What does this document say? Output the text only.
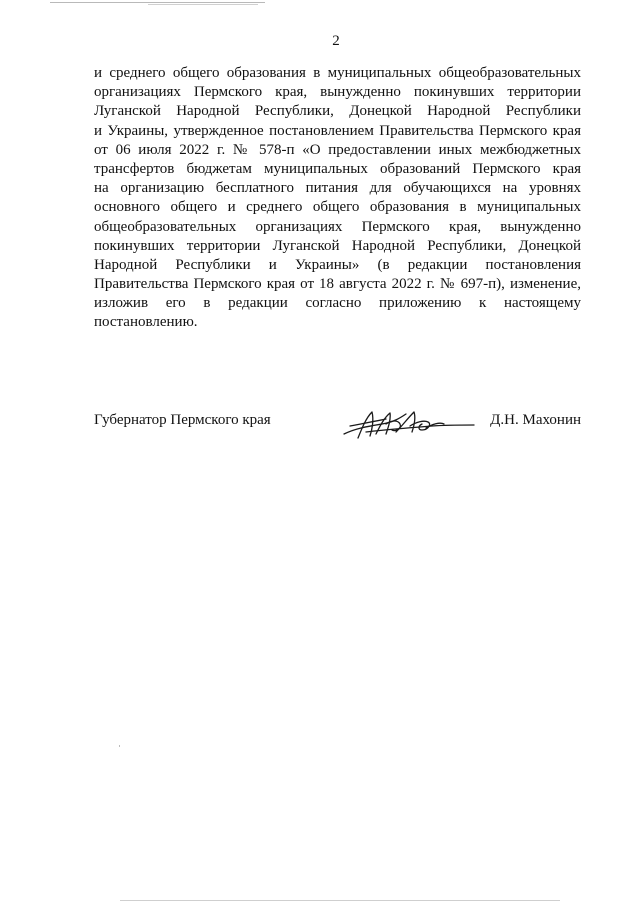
2
и среднего общего образования в муниципальных общеобразовательных
организациях Пермского края, вынужденно покинувших территории
Луганской Народной Республики, Донецкой Народной Республики
и Украины, утвержденное постановлением Правительства Пермского края
от 06 июля 2022 г. № 578-п «О предоставлении иных межбюджетных
трансфертов бюджетам муниципальных образований Пермского края
на организацию бесплатного питания для обучающихся на уровнях
основного общего и среднего общего образования в муниципальных
общеобразовательных организациях Пермского края, вынужденно
покинувших территории Луганской Народной Республики, Донецкой
Народной Республики и Украины» (в редакции постановления
Правительства Пермского края от 18 августа 2022 г. № 697-п), изменение,
изложив его в редакции согласно приложению к настоящему
постановлению.
Губернатор Пермского края	Д.Н. Махонин
